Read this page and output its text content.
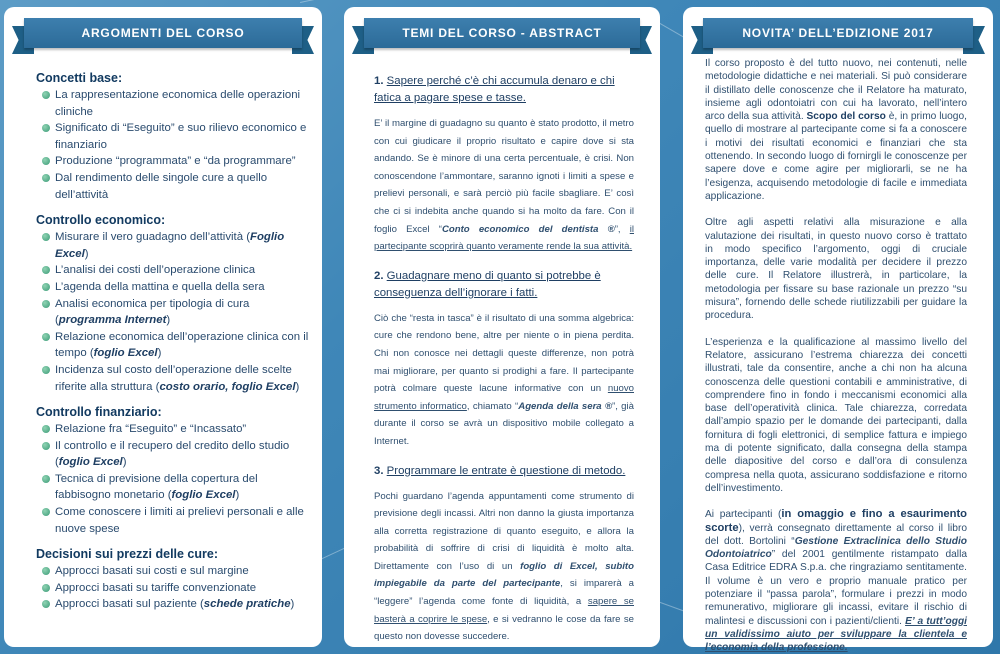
ARGOMENTI DEL CORSO
Concetti base:
La rappresentazione economica delle operazioni cliniche
Significato di “Eseguito” e suo rilievo economico e finanziario
Produzione “programmata” e “da programmare”
Dal rendimento delle singole cure a quello dell’attività
Controllo economico:
Misurare il vero guadagno dell’attività (Foglio Excel)
L’analisi dei costi dell’operazione clinica
L’agenda della mattina e quella della sera
Analisi economica per tipologia di cura (programma Internet)
Relazione economica dell’operazione clinica con il tempo (foglio Excel)
Incidenza sul costo dell’operazione delle scelte riferite alla struttura (costo orario, foglio Excel)
Controllo finanziario:
Relazione fra “Eseguito” e “Incassato”
Il controllo e il recupero del credito dello studio (foglio Excel)
Tecnica di previsione della copertura del fabbisogno monetario (foglio Excel)
Come conoscere i limiti ai prelievi personali e alle nuove spese
Decisioni sui prezzi delle cure:
Approcci basati sui costi e sul margine
Approcci basati su tariffe convenzionate
Approcci basati sul paziente (schede pratiche)
TEMI DEL CORSO - ABSTRACT

1. Sapere perché c’è chi accumula denaro e chi fatica a pagare spese e tasse.

E’ il margine di guadagno su quanto è stato prodotto, il metro con cui giudicare il proprio risultato e capire dove si sta andando. Se è minore di una certa percentuale, è crisi. Non conoscendone l’ammontare, saranno ignoti i limiti a spese e prelievi personali, e sarà perciò più facile sbagliare. E’ così che ci si indebita anche quando si ha molto da fare. Con il foglio Excel “Conto economico del dentista ®”, il partecipante scoprirà quanto veramente rende la sua attività.

2. Guadagnare meno di quanto si potrebbe è conseguenza dell’ignorare i fatti.

Ciò che “resta in tasca” è il risultato di una somma algebrica: cure che rendono bene, altre per niente o in piena perdita. Chi non conosce nei dettagli queste differenze, non potrà mai migliorare, per quanto si prodighi a fare. Il partecipante potrà colmare queste lacune informative con un nuovo strumento informatico, chiamato “Agenda della sera ®”, già durante il corso se avrà un dispositivo mobile collegato a Internet.

3. Programmare le entrate è questione di metodo.

Pochi guardano l’agenda appuntamenti come strumento di previsione degli incassi. Altri non danno la giusta importanza alla corretta registrazione di quanto eseguito, e allora la probabilità di soffrire di crisi di liquidità è molto alta. Direttamente con l’uso di un foglio di Excel, subito impiegabile da parte del partecipante, si imparerà a “leggere” l’agenda come fonte di liquidità, a sapere se basterà a coprire le spese, e si vedranno le cose da fare se questo non dovesse succedere.

NOVITA’ DELL’EDIZIONE 2017

Il corso proposto è del tutto nuovo, nei contenuti, nelle metodologie didattiche e nei materiali. Si può considerare il distillato delle conoscenze che il Relatore ha maturato, insieme agli odontoiatri con cui ha lavorato, nell’intero arco della sua attività. Scopo del corso è, in primo luogo, quello di mostrare al partecipante come si fa a conoscere i motivi dei risultati economici e finanziari che sta ottenendo. In secondo luogo di fornirgli le conoscenze per sapere dove e come agire per migliorarli, se ne ha l’esigenza, acquisendo metodologie di facile e immediata applicazione.

Oltre agli aspetti relativi alla misurazione e alla valutazione dei risultati, in questo nuovo corso è trattato in modo specifico l’argomento, oggi di cruciale importanza, delle varie modalità per decidere il prezzo delle cure. Il Relatore illustrerà, in particolare, la metodologia per fissare su base razionale un prezzo “su misura”, fornendo delle schede riutilizzabili per guidare la procedura.

L’esperienza e la qualificazione al massimo livello del Relatore, assicurano l’estrema chiarezza dei concetti illustrati, tale da consentire, anche a chi non ha alcuna conoscenza delle questioni contabili e amministrative, di comprendere fino in fondo i meccanismi economici alla base dell’operatività clinica. Tale chiarezza, corredata dall’ampio spazio per le domande dei partecipanti, dalla fornitura di fogli elettronici, di semplice fattura e impiego ma di potente significato, dalla consegna della stampa delle diapositive del corso e dall’ora di consulenza compresa nella quota, assicurano soddisfazione e ritorno dell’investimento.

Ai partecipanti (in omaggio e fino a esaurimento scorte), verrà consegnato direttamente al corso il libro del dott. Bortolini “Gestione Extraclinica dello Studio Odontoiatrico” del 2001 gentilmente ristampato dalla Casa Editrice EDRA S.p.a. che ringraziamo sentitamente. Il volume è un vero e proprio manuale pratico per potenziare il “passa parola”, formulare i prezzi in modo remunerativo, migliorare gli incassi, evitare il rischio di malintesi e discussioni con i pazienti/clienti. E’ a tutt’oggi un validissimo aiuto per sviluppare la clientela e l’economia della professione.
